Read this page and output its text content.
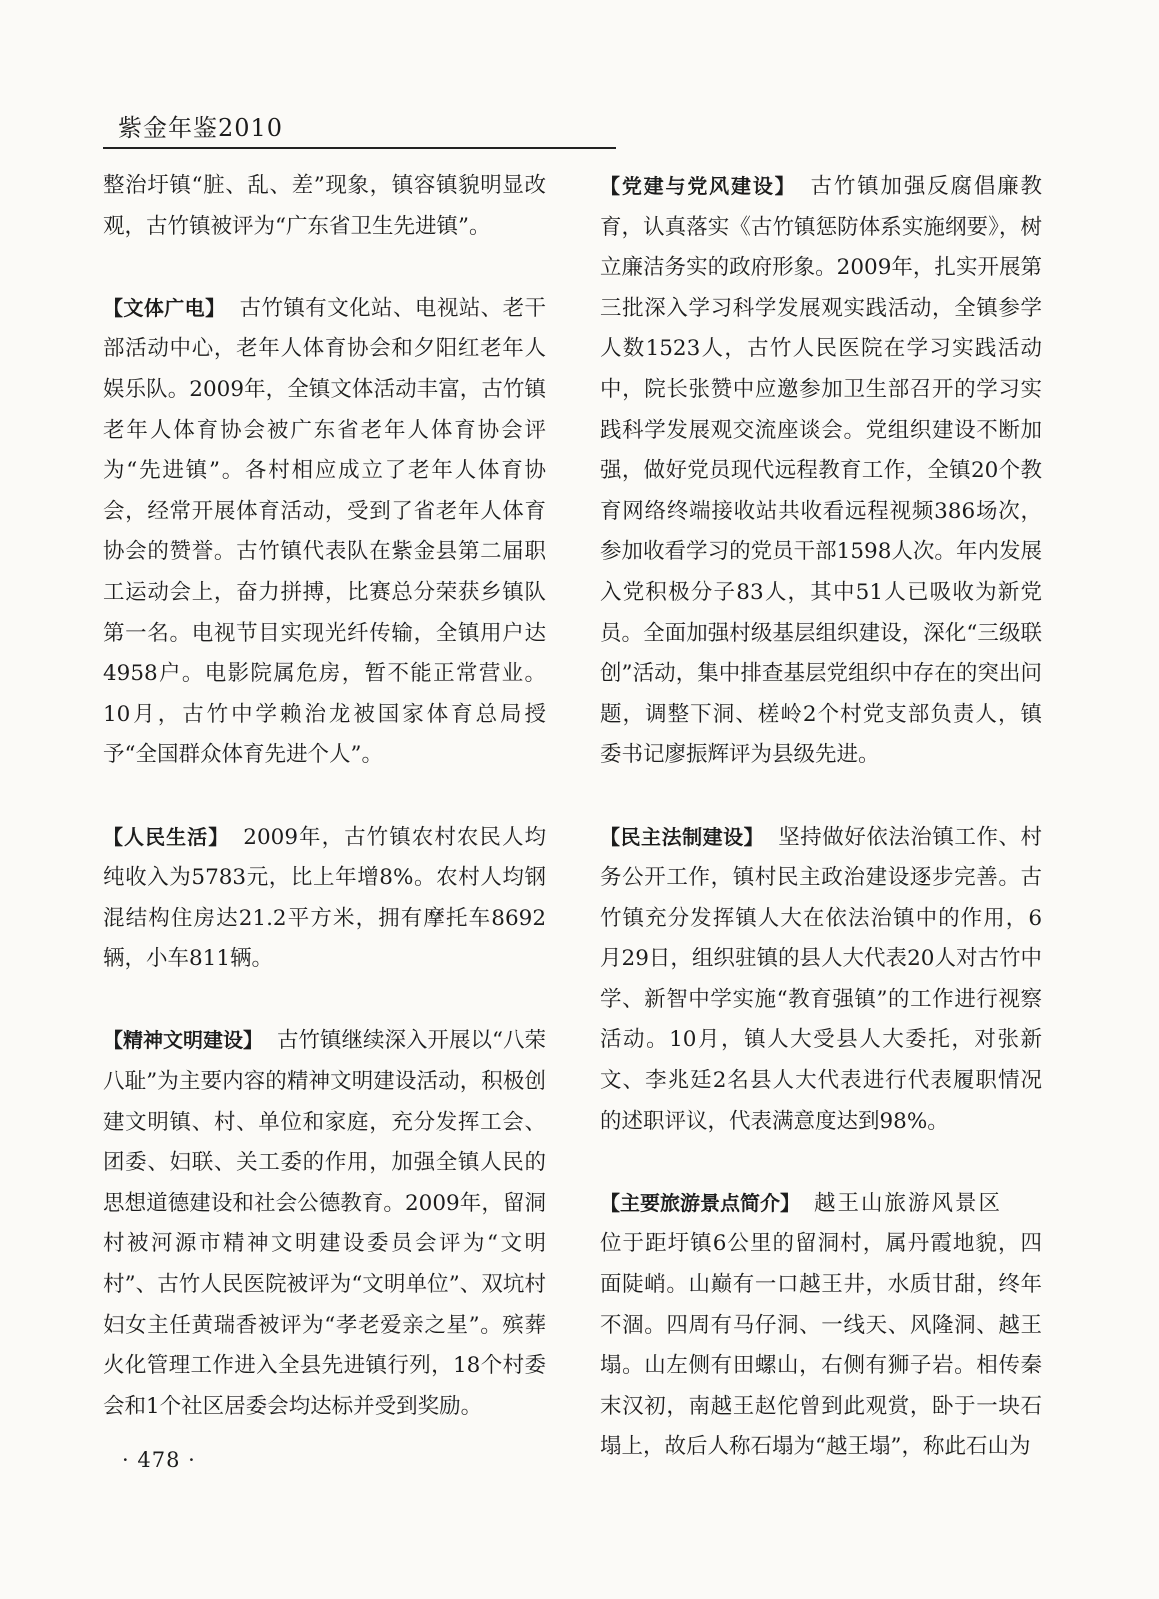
紫金年鉴2010

整治圩镇“脏、乱、差”现象，镇容镇貌明显改观，古竹镇被评为“广东省卫生先进镇”。

【文体广电】 古竹镇有文化站、电视站、老干部活动中心，老年人体育协会和夕阳红老年人娱乐队。2009年，全镇文体活动丰富，古竹镇老年人体育协会被广东省老年人体育协会评为“先进镇”。各村相应成立了老年人体育协会，经常开展体育活动，受到了省老年人体育协会的赞誉。古竹镇代表队在紫金县第二届职工运动会上，奋力拼搏，比赛总分荣获乡镇队第一名。电视节目实现光纤传输，全镇用户达4958户。电影院属危房，暂不能正常营业。10月，古竹中学赖治龙被国家体育总局授予“全国群众体育先进个人”。

【人民生活】 2009年，古竹镇农村农民人均纯收入为5783元，比上年增8%。农村人均钢混结构住房达21.2平方米，拥有摩托车8692辆，小车811辆。

【精神文明建设】 古竹镇继续深入开展以“八荣八耻”为主要内容的精神文明建设活动，积极创建文明镇、村、单位和家庭，充分发挥工会、团委、妇联、关工委的作用，加强全镇人民的思想道德建设和社会公德教育。2009年，留洞村被河源市精神文明建设委员会评为“文明村”、古竹人民医院被评为“文明单位”、双坑村妇女主任黄瑞香被评为“孝老爱亲之星”。殡葬火化管理工作进入全县先进镇行列，18个村委会和1个社区居委会均达标并受到奖励。

【党建与党风建设】 古竹镇加强反腐倡廉教育，认真落实《古竹镇惩防体系实施纲要》，树立廉洁务实的政府形象。2009年，扎实开展第三批深入学习科学发展观实践活动，全镇参学人数1523人，古竹人民医院在学习实践活动中，院长张赞中应邀参加卫生部召开的学习实践科学发展观交流座谈会。党组织建设不断加强，做好党员现代远程教育工作，全镇20个教育网络终端接收站共收看远程视频386场次，参加收看学习的党员干部1598人次。年内发展入党积极分子83人，其中51人已吸收为新党员。全面加强村级基层组织建设，深化“三级联创”活动，集中排查基层党组织中存在的突出问题，调整下洞、槎岭2个村党支部负责人，镇委书记廖振辉评为县级先进。

【民主法制建设】 坚持做好依法治镇工作、村务公开工作，镇村民主政治建设逐步完善。古竹镇充分发挥镇人大在依法治镇中的作用，6月29日，组织驻镇的县人大代表20人对古竹中学、新智中学实施“教育强镇”的工作进行视察活动。10月，镇人大受县人大委托，对张新文、李兆廷2名县人大代表进行代表履职情况的述职评议，代表满意度达到98%。

【主要旅游景点简介】 越王山旅游风景区
位于距圩镇6公里的留洞村，属丹霞地貌，四面陡峭。山巅有一口越王井，水质甘甜，终年不涸。四周有马仔洞、一线天、风隆洞、越王塌。山左侧有田螺山，右侧有狮子岩。相传秦末汉初，南越王赵佗曾到此观赏，卧于一块石塌上，故后人称石塌为“越王塌”，称此石山为

· 478 ·
